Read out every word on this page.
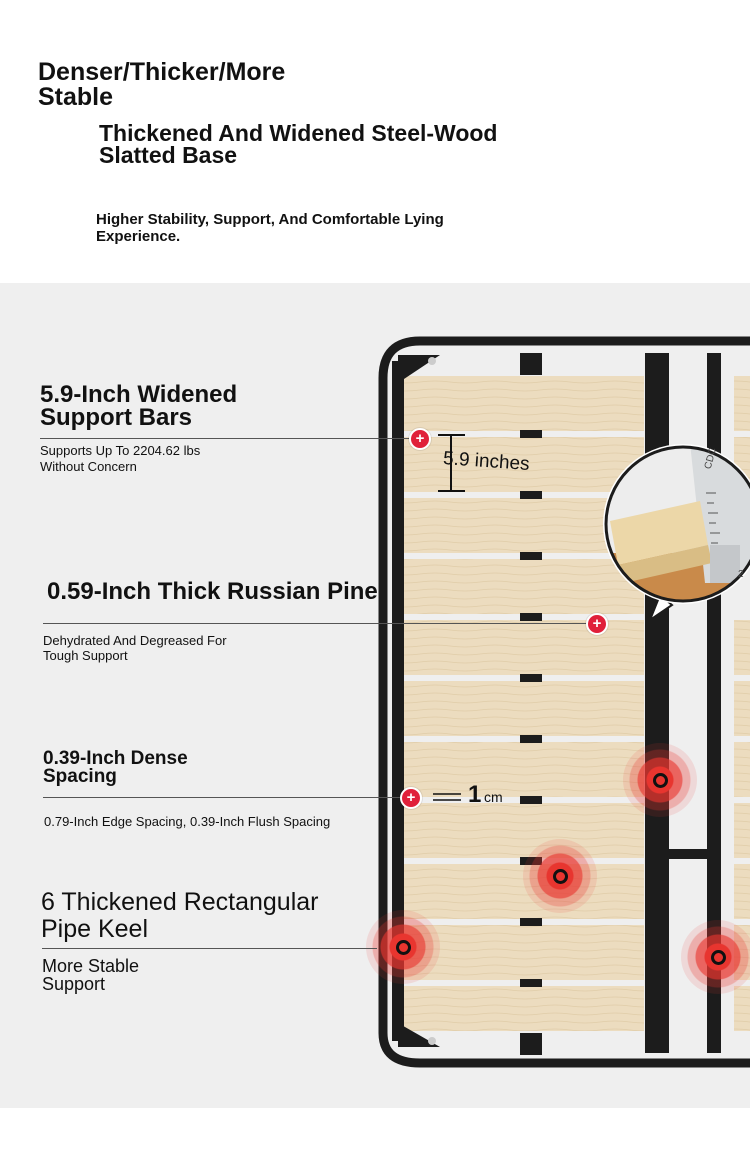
Denser/Thicker/More Stable
Thickened And Widened Steel-Wood Slatted Base

Higher Stability, Support, And Comfortable Lying Experience.

CDC
2
5.9 inches
1 cm
+
+
+
5.9-Inch Widened Support Bars

Supports Up To 2204.62 lbs Without Concern

0.59-Inch Thick Russian Pine

Dehydrated And Degreased For Tough Support

0.39-Inch Dense Spacing

0.79-Inch Edge Spacing, 0.39-Inch Flush Spacing

6 Thickened Rectangular Pipe Keel

More Stable Support
